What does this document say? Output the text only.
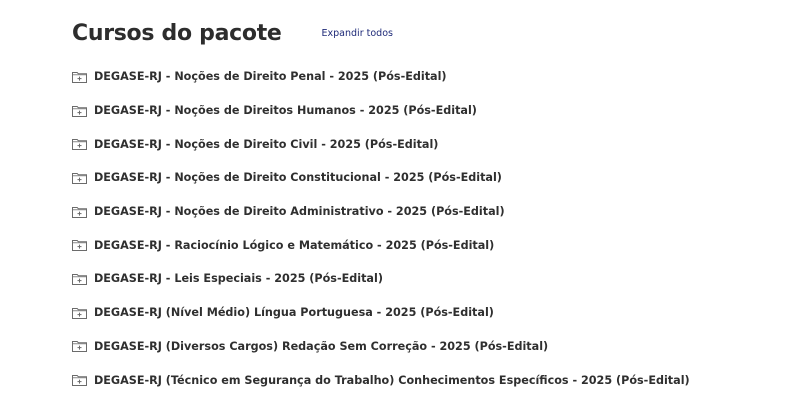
Cursos do pacote	Expandir todos
DEGASE-RJ - Noções de Direito Penal - 2025 (Pós-Edital)
DEGASE-RJ - Noções de Direitos Humanos - 2025 (Pós-Edital)
DEGASE-RJ - Noções de Direito Civil - 2025 (Pós-Edital)
DEGASE-RJ - Noções de Direito Constitucional - 2025 (Pós-Edital)
DEGASE-RJ - Noções de Direito Administrativo - 2025 (Pós-Edital)
DEGASE-RJ - Raciocínio Lógico e Matemático - 2025 (Pós-Edital)
DEGASE-RJ - Leis Especiais - 2025 (Pós-Edital)
DEGASE-RJ (Nível Médio) Língua Portuguesa - 2025 (Pós-Edital)
DEGASE-RJ (Diversos Cargos) Redação Sem Correção - 2025 (Pós-Edital)
DEGASE-RJ (Técnico em Segurança do Trabalho) Conhecimentos Específicos - 2025 (Pós-Edital)
